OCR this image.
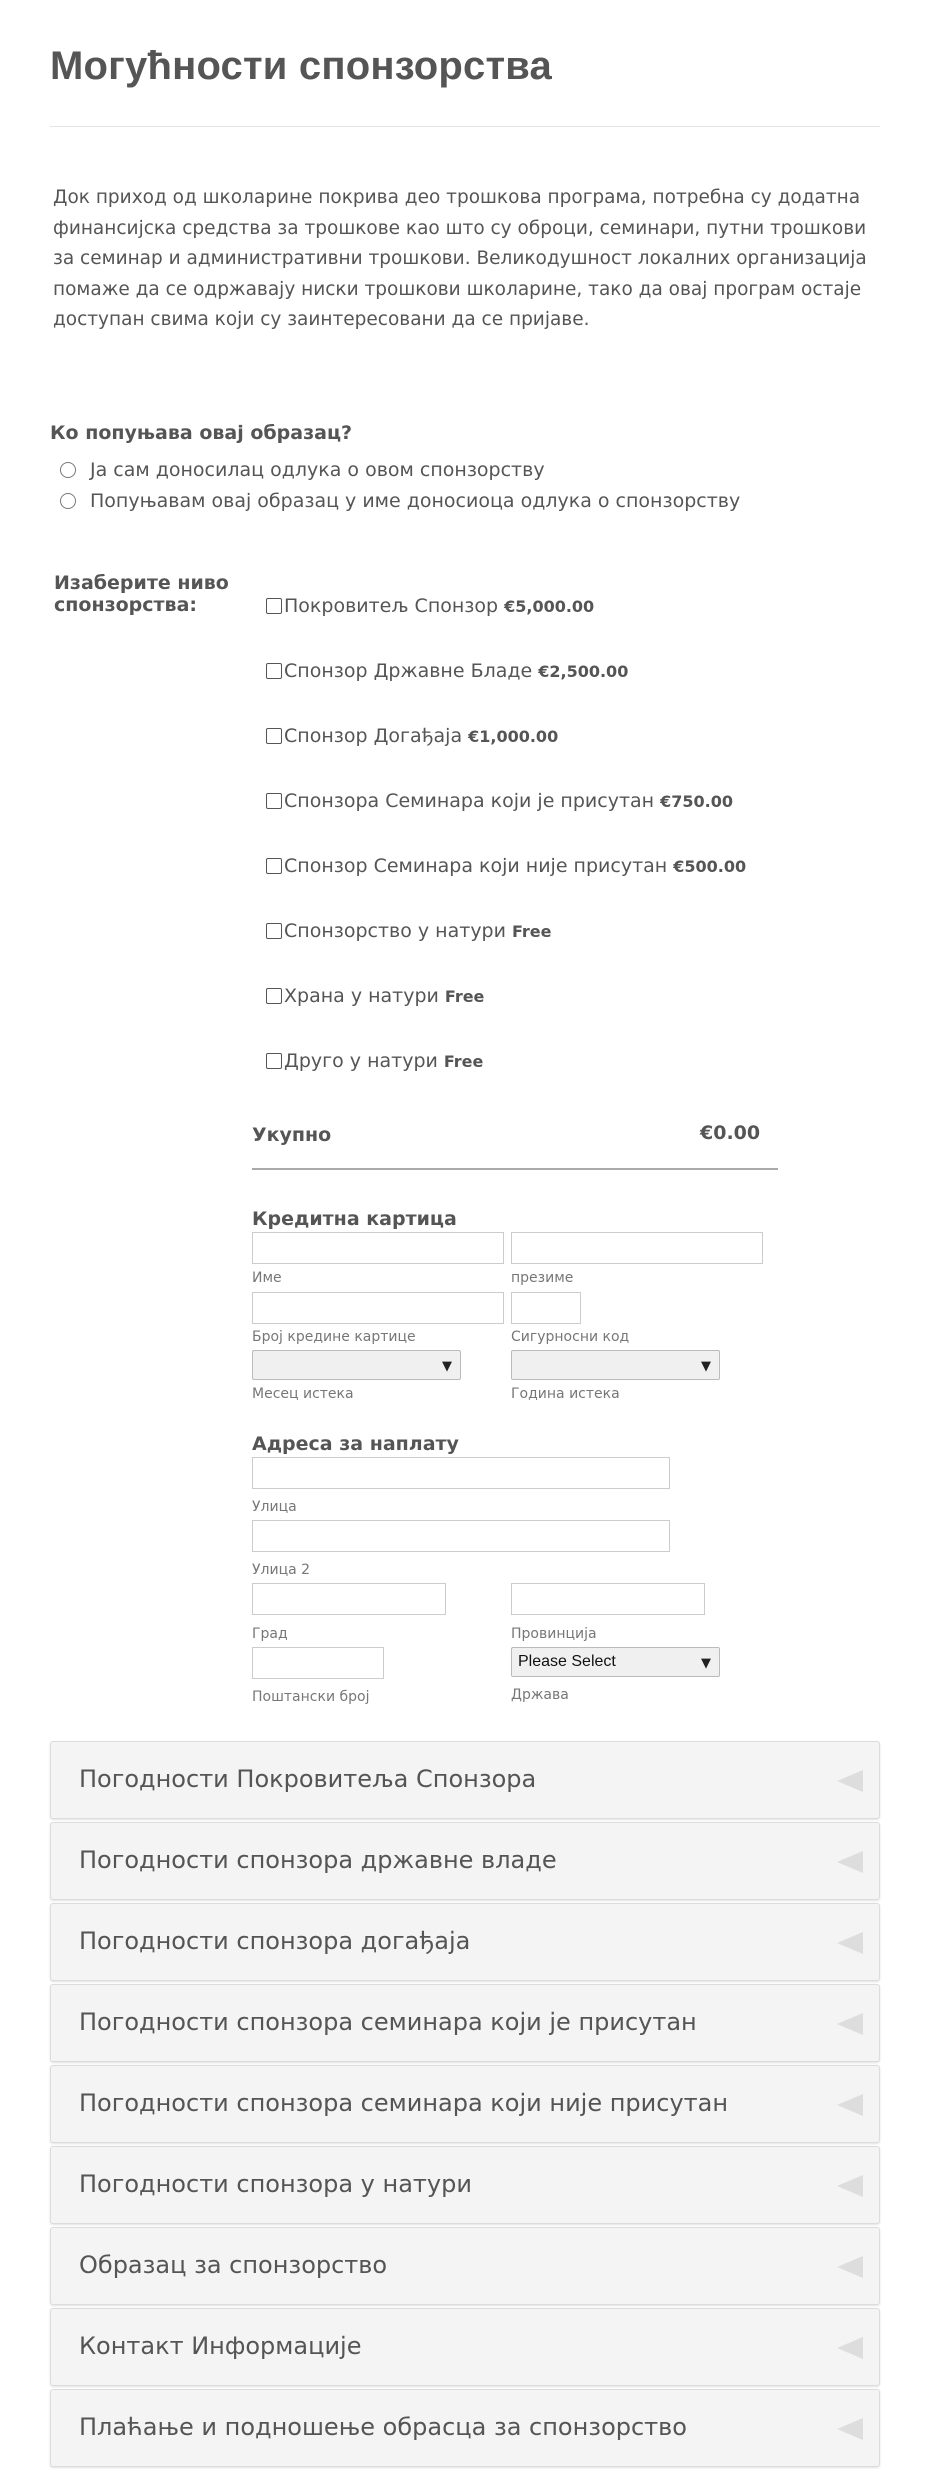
Могућности спонзорства
Док приход од школарине покрива део трошкова програма, потребна су додатна финансијска средства за трошкове као што су оброци, семинари, путни трошкови за семинар и административни трошкови. Великодушност локалних организација помаже да се одржавају ниски трошкови школарине, тако да овај програм остаје доступан свима који су заинтересовани да се пријаве.
Ко попуњава овај образац?
Ја сам доносилац одлука о овом спонзорству
Попуњавам овај образац у име доносиоца одлука о спонзорству
Изаберите ниво спонзорства:	Покровитељ Спонзор €5,000.00
Спонзор Државне Бладе €2,500.00
Спонзор Догађаја €1,000.00
Спонзора Семинара који је присутан €750.00
Спонзор Семинара који није присутан €500.00
Спонзорство у натури Free
Храна у натури Free
Друго у натури Free
Укупно	€0.00
Кредитна картица
Име	презиме
Број кредине картице	Сигурносни код
▼	▼
Месец истека	Година истека
Адреса за наплату
Улица
Улица 2
Град	Провинција
Please Select	▼
Поштански број	Држава
Погодности Покровитеља Спонзора
Погодности спонзора државне владе
Погодности спонзора догађаја
Погодности спонзора семинара који је присутан
Погодности спонзора семинара који није присутан
Погодности спонзора у натури
Образац за спонзорство
Контакт Информације
Плаћање и подношење обрасца за спонзорство
